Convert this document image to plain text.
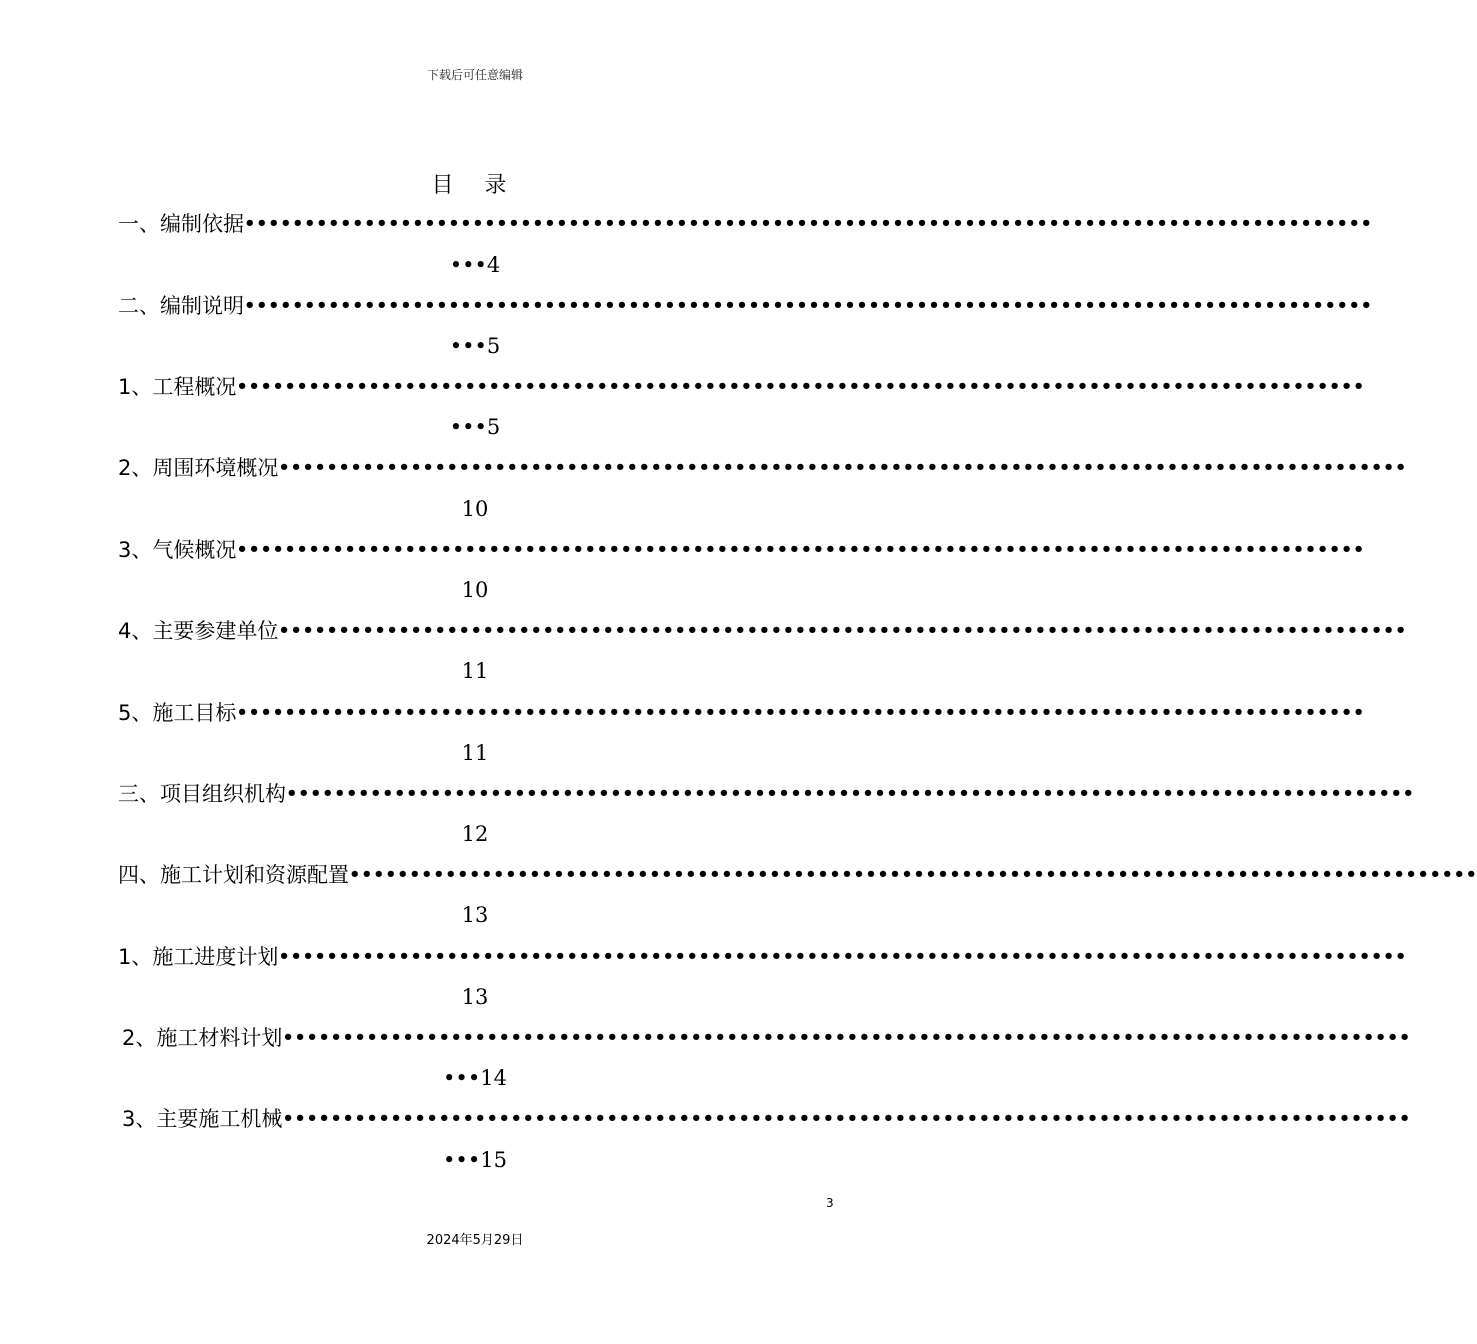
下载后可任意编辑
目 录
一、编制依据 ••••••••••••••••••••••••••••••••••••••••••••••••••••••••••••••••••••••••••••••••••••••••••••••
•••4
二、编制说明 ••••••••••••••••••••••••••••••••••••••••••••••••••••••••••••••••••••••••••••••••••••••••••••••
•••5
1、工程概况 ••••••••••••••••••••••••••••••••••••••••••••••••••••••••••••••••••••••••••••••••••••••••••••••
•••5
2、周围环境概况 ••••••••••••••••••••••••••••••••••••••••••••••••••••••••••••••••••••••••••••••••••••••••••••••
10
3、气候概况 ••••••••••••••••••••••••••••••••••••••••••••••••••••••••••••••••••••••••••••••••••••••••••••••
10
4、主要参建单位 ••••••••••••••••••••••••••••••••••••••••••••••••••••••••••••••••••••••••••••••••••••••••••••••
11
5、施工目标 ••••••••••••••••••••••••••••••••••••••••••••••••••••••••••••••••••••••••••••••••••••••••••••••
11
三、项目组织机构 ••••••••••••••••••••••••••••••••••••••••••••••••••••••••••••••••••••••••••••••••••••••••••••••
12
四、施工计划和资源配置 ••••••••••••••••••••••••••••••••••••••••••••••••••••••••••••••••••••••••••••••••••••••••••••••
13
1、施工进度计划 ••••••••••••••••••••••••••••••••••••••••••••••••••••••••••••••••••••••••••••••••••••••••••••••
13
2、施工材料计划 ••••••••••••••••••••••••••••••••••••••••••••••••••••••••••••••••••••••••••••••••••••••••••••••
•••14
3、主要施工机械 ••••••••••••••••••••••••••••••••••••••••••••••••••••••••••••••••••••••••••••••••••••••••••••••
•••15
3
2024年5月29日
